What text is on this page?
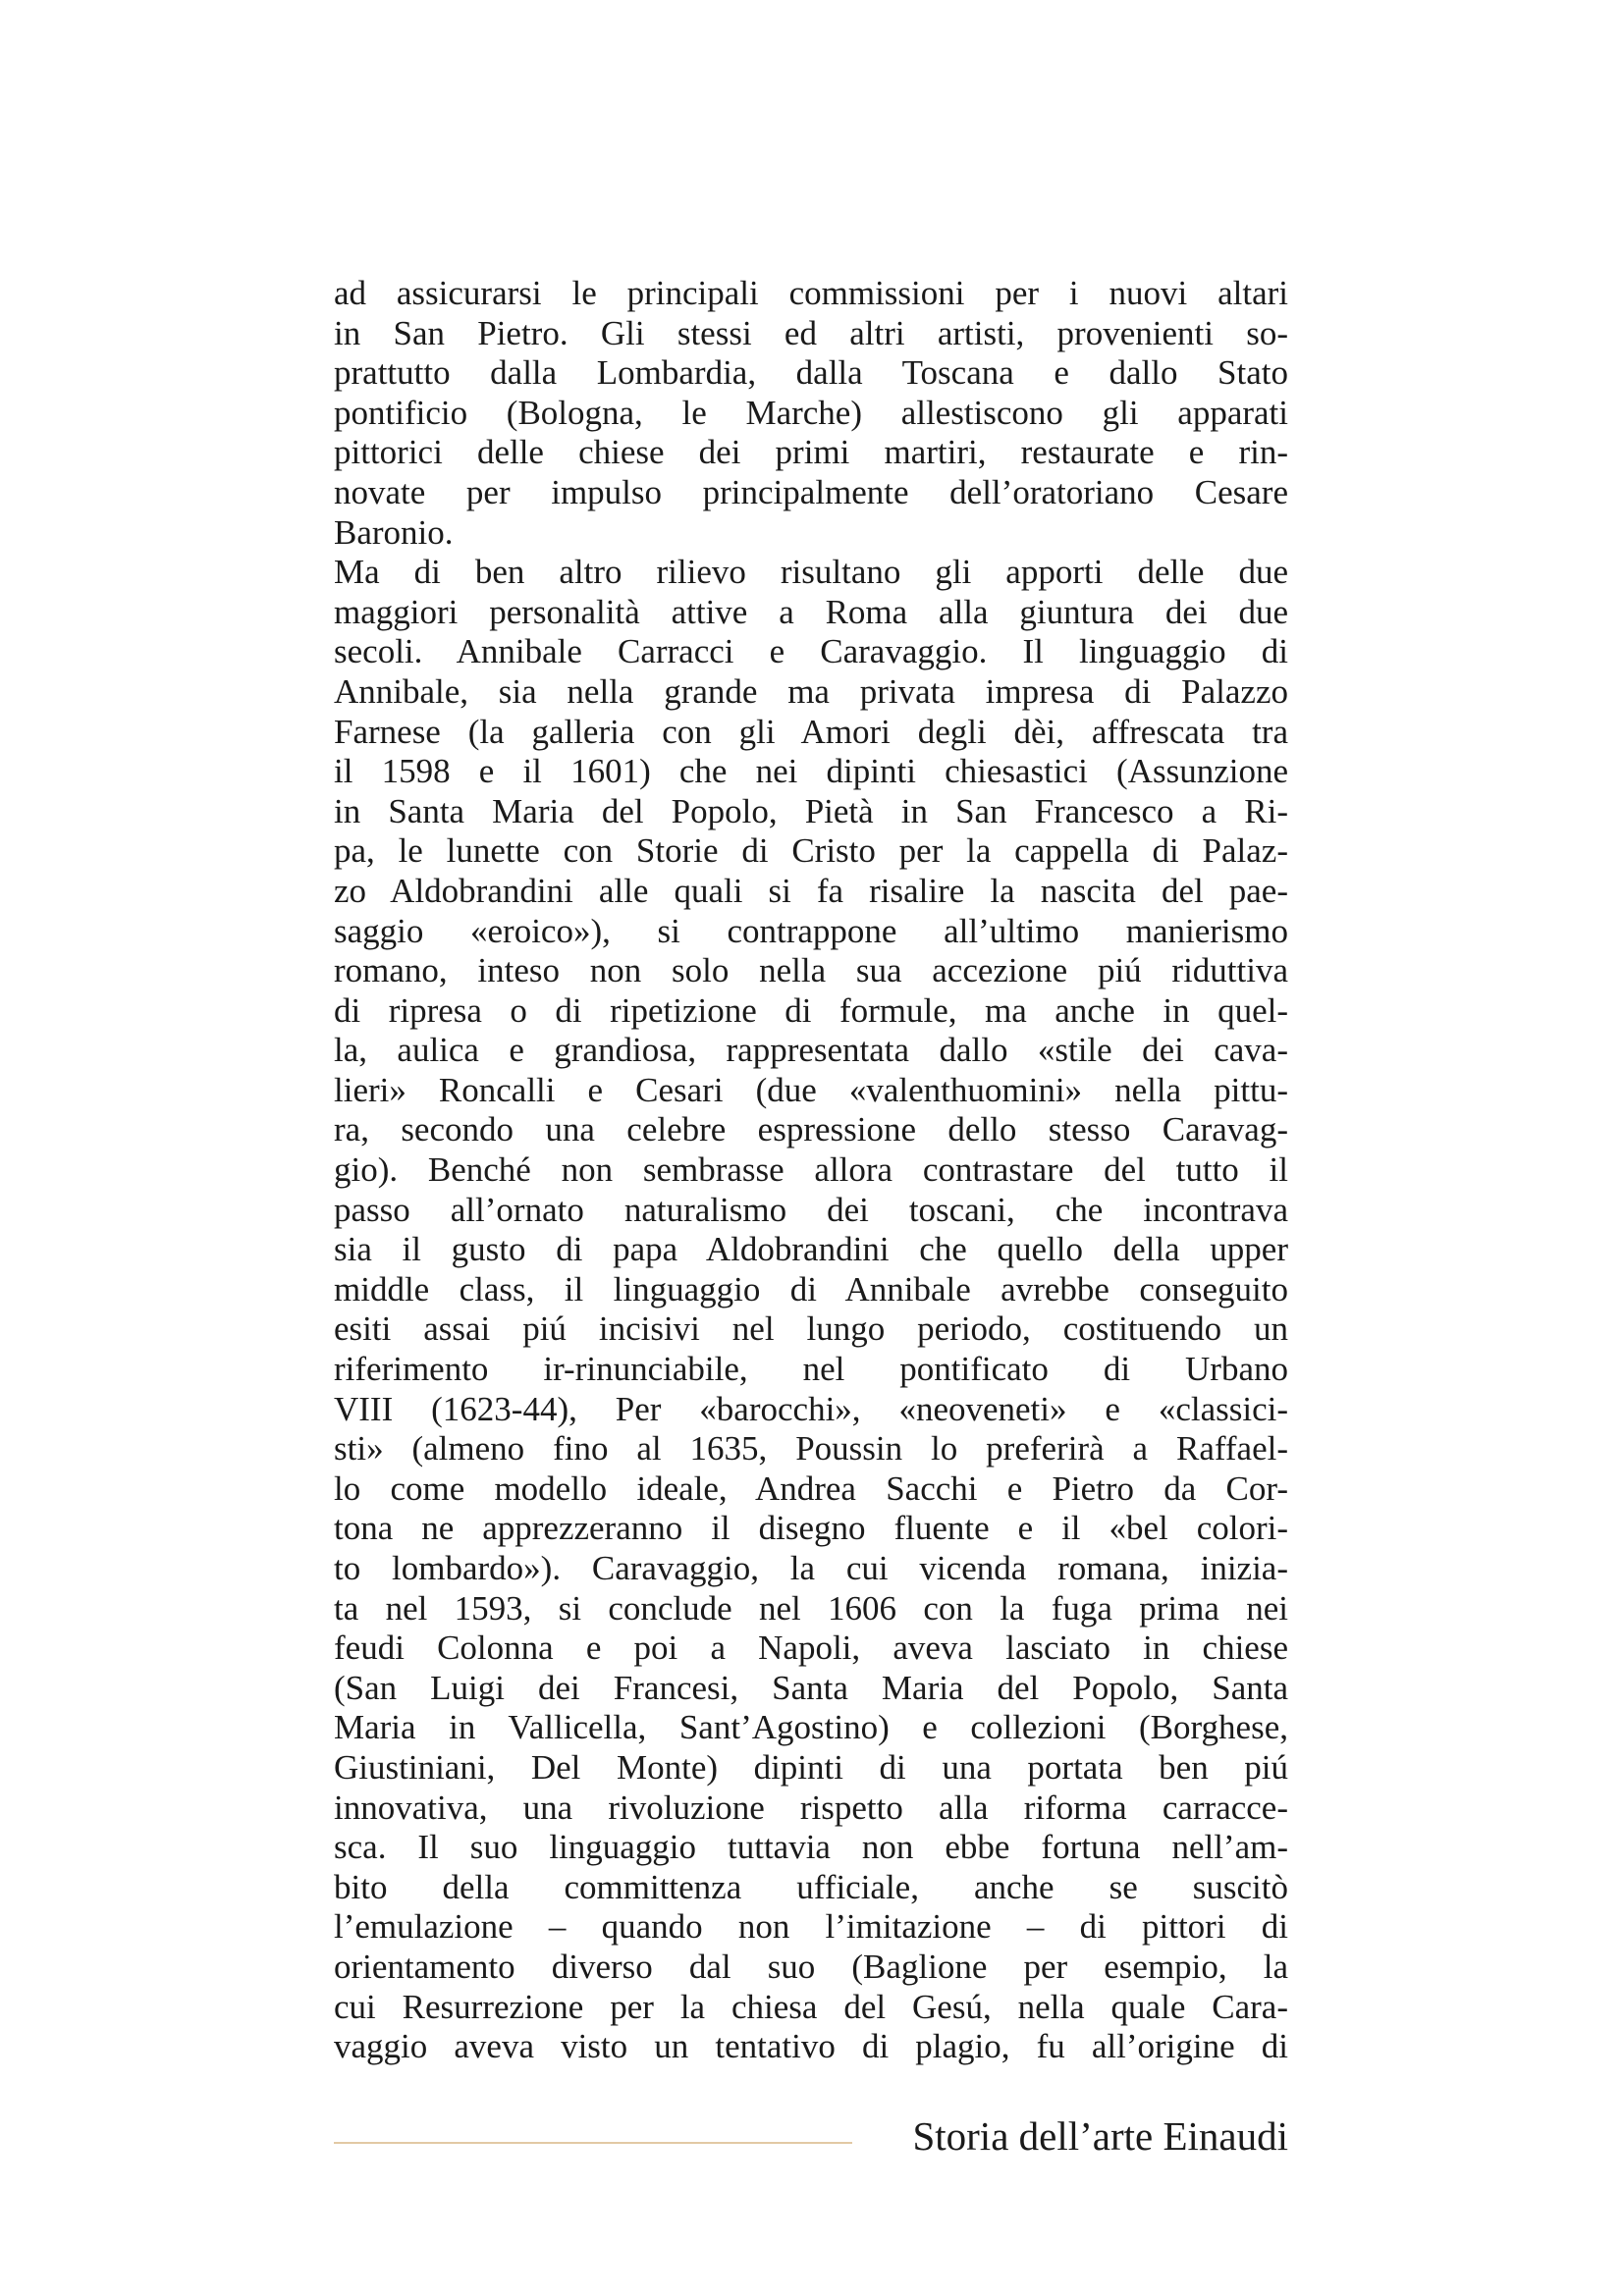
ad assicurarsi le principali commissioni per i nuovi altari
in San Pietro. Gli stessi ed altri artisti, provenienti so-
prattutto dalla Lombardia, dalla Toscana e dallo Stato
pontificio (Bologna, le Marche) allestiscono gli apparati
pittorici delle chiese dei primi martiri, restaurate e rin-
novate per impulso principalmente dell’oratoriano Cesare
Baronio.
Ma di ben altro rilievo risultano gli apporti delle due
maggiori personalità attive a Roma alla giuntura dei due
secoli. Annibale Carracci e Caravaggio. Il linguaggio di
Annibale, sia nella grande ma privata impresa di Palazzo
Farnese (la galleria con gli Amori degli dèi, affrescata tra
il 1598 e il 1601) che nei dipinti chiesastici (Assunzione
in Santa Maria del Popolo, Pietà in San Francesco a Ri-
pa, le lunette con Storie di Cristo per la cappella di Palaz-
zo Aldobrandini alle quali si fa risalire la nascita del pae-
saggio «eroico»), si contrappone all’ultimo manierismo
romano, inteso non solo nella sua accezione piú riduttiva
di ripresa o di ripetizione di formule, ma anche in quel-
la, aulica e grandiosa, rappresentata dallo «stile dei cava-
lieri» Roncalli e Cesari (due «valenthuomini» nella pittu-
ra, secondo una celebre espressione dello stesso Caravag-
gio). Benché non sembrasse allora contrastare del tutto il
passo all’ornato naturalismo dei toscani, che incontrava
sia il gusto di papa Aldobrandini che quello della upper
middle class, il linguaggio di Annibale avrebbe conseguito
esiti assai piú incisivi nel lungo periodo, costituendo un
riferimento ir-rinunciabile, nel pontificato di Urbano
VIII (1623-44), Per «barocchi», «neoveneti» e «classici-
sti» (almeno fino al 1635, Poussin lo preferirà a Raffael-
lo come modello ideale, Andrea Sacchi e Pietro da Cor-
tona ne apprezzeranno il disegno fluente e il «bel colori-
to lombardo»). Caravaggio, la cui vicenda romana, inizia-
ta nel 1593, si conclude nel 1606 con la fuga prima nei
feudi Colonna e poi a Napoli, aveva lasciato in chiese
(San Luigi dei Francesi, Santa Maria del Popolo, Santa
Maria in Vallicella, Sant’Agostino) e collezioni (Borghese,
Giustiniani, Del Monte) dipinti di una portata ben piú
innovativa, una rivoluzione rispetto alla riforma carracce-
sca. Il suo linguaggio tuttavia non ebbe fortuna nell’am-
bito della committenza ufficiale, anche se suscitò
l’emulazione – quando non l’imitazione – di pittori di
orientamento diverso dal suo (Baglione per esempio, la
cui Resurrezione per la chiesa del Gesú, nella quale Cara-
vaggio aveva visto un tentativo di plagio, fu all’origine di
Storia dell’arte Einaudi
